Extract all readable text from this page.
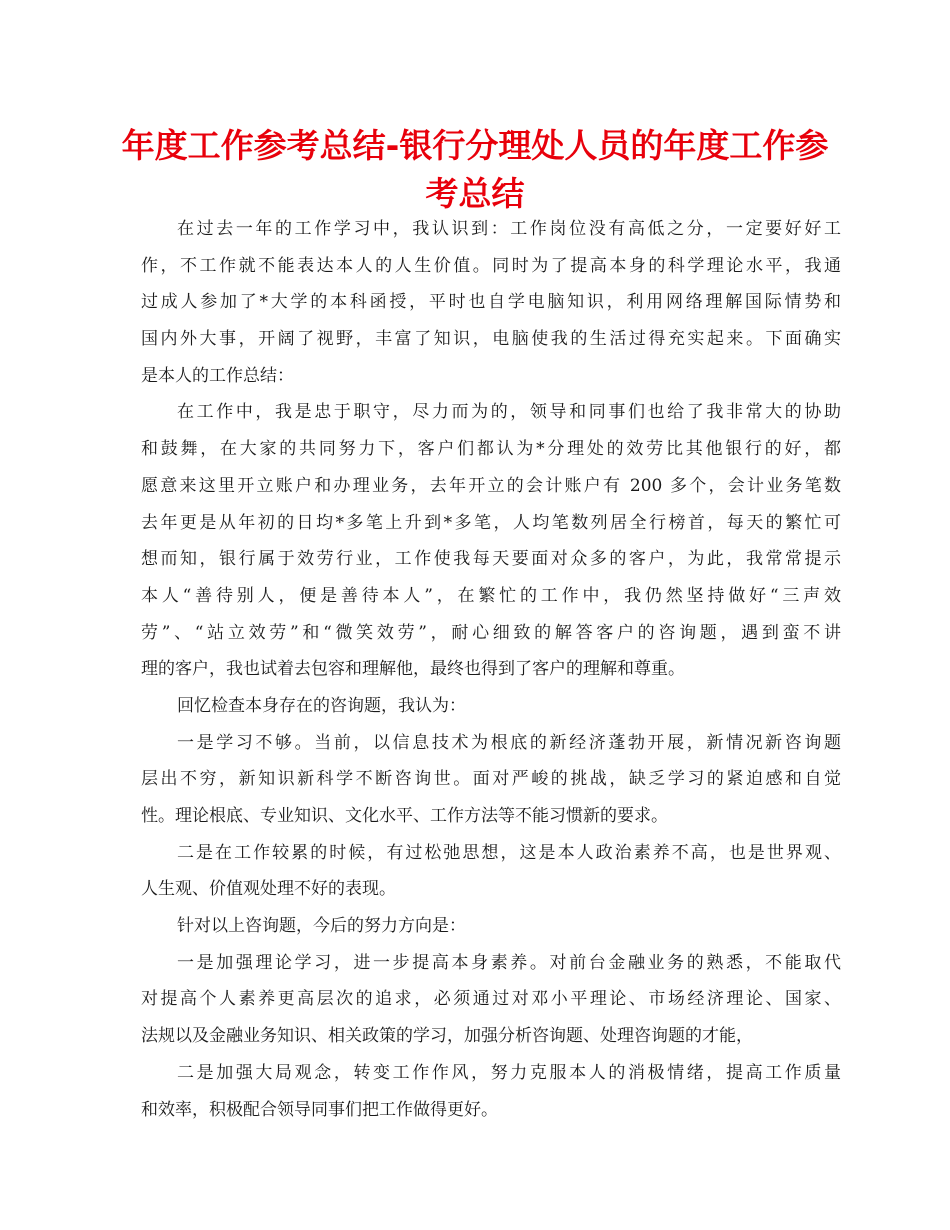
年度工作参考总结-银行分理处人员的年度工作参
考总结
在过去一年的工作学习中，我认识到：工作岗位没有高低之分，一定要好好工
作，不工作就不能表达本人的人生价值。同时为了提高本身的科学理论水平，我通
过成人参加了*大学的本科函授，平时也自学电脑知识，利用网络理解国际情势和
国内外大事，开阔了视野，丰富了知识，电脑使我的生活过得充实起来。下面确实
是本人的工作总结：
在工作中，我是忠于职守，尽力而为的，领导和同事们也给了我非常大的协助
和鼓舞，在大家的共同努力下，客户们都认为*分理处的效劳比其他银行的好，都
愿意来这里开立账户和办理业务，去年开立的会计账户有 200 多个，会计业务笔数
去年更是从年初的日均*多笔上升到*多笔，人均笔数列居全行榜首，每天的繁忙可
想而知，银行属于效劳行业，工作使我每天要面对众多的客户，为此，我常常提示
本人“善待别人，便是善待本人”，在繁忙的工作中，我仍然坚持做好“三声效
劳”、“站立效劳”和“微笑效劳”，耐心细致的解答客户的咨询题，遇到蛮不讲
理的客户，我也试着去包容和理解他，最终也得到了客户的理解和尊重。
回忆检查本身存在的咨询题，我认为：
一是学习不够。当前，以信息技术为根底的新经济蓬勃开展，新情况新咨询题
层出不穷，新知识新科学不断咨询世。面对严峻的挑战，缺乏学习的紧迫感和自觉
性。理论根底、专业知识、文化水平、工作方法等不能习惯新的要求。
二是在工作较累的时候，有过松弛思想，这是本人政治素养不高，也是世界观、
人生观、价值观处理不好的表现。
针对以上咨询题，今后的努力方向是：
一是加强理论学习，进一步提高本身素养。对前台金融业务的熟悉，不能取代
对提高个人素养更高层次的追求，必须通过对邓小平理论、市场经济理论、国家、
法规以及金融业务知识、相关政策的学习，加强分析咨询题、处理咨询题的才能，
二是加强大局观念，转变工作作风，努力克服本人的消极情绪，提高工作质量
和效率，积极配合领导同事们把工作做得更好。
